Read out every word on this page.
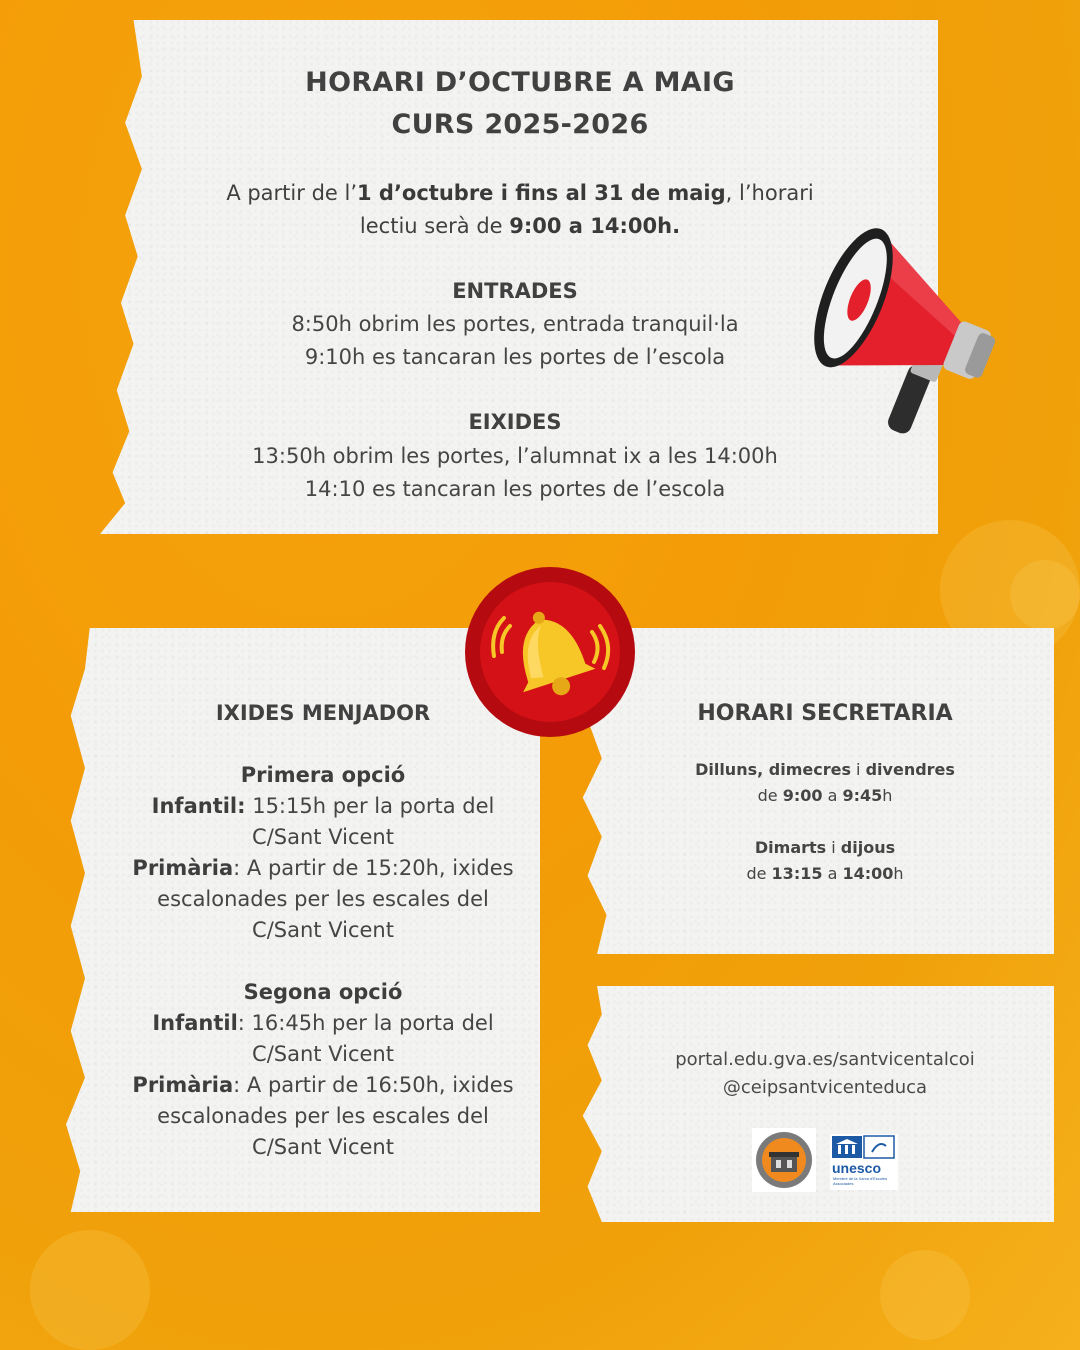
HORARI D’OCTUBRE A MAIG
CURS 2025-2026
A partir de l’1 d’octubre i fins al 31 de maig, l’horari
lectiu serà de 9:00 a 14:00h.
ENTRADES
8:50h obrim les portes, entrada tranquil·la
9:10h es tancaran les portes de l’escola
EIXIDES
13:50h obrim les portes, l’alumnat ix a les 14:00h
14:10 es tancaran les portes de l’escola
IXIDES MENJADOR
Primera opció
Infantil: 15:15h per la porta del
C/Sant Vicent
Primària: A partir de 15:20h, ixides
escalonades per les escales del
C/Sant Vicent
Segona opció
Infantil: 16:45h per la porta del
C/Sant Vicent
Primària: A partir de 16:50h, ixides
escalonades per les escales del
C/Sant Vicent
HORARI SECRETARIA
Dilluns, dimecres i divendres
de 9:00 a 9:45h
Dimarts i dijous
de 13:15 a 14:00h
portal.edu.gva.es/santvicentalcoi
@ceipsantvicenteduca
unesco
Membre de la Xarxa d'Escoles Associades
